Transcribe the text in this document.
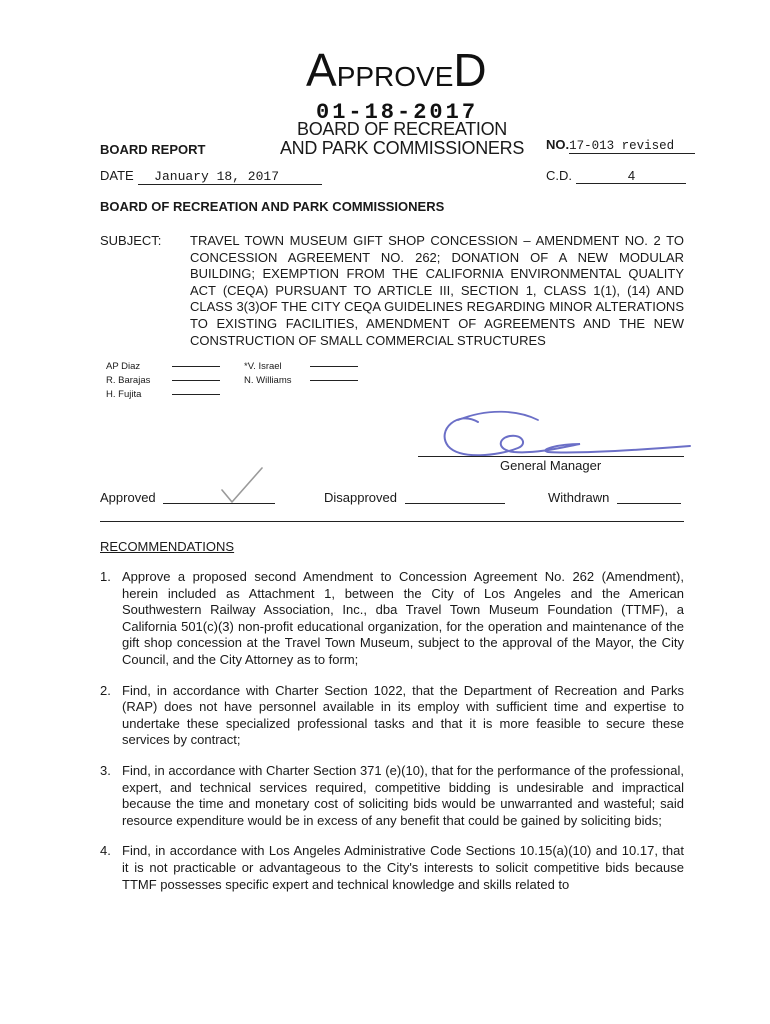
APPROVED
01-18-2017
BOARD REPORT
BOARD OF RECREATION
AND PARK COMMISSIONERS	NO.17-013 revised
DATE January 18, 2017	C.D.	4
BOARD OF RECREATION AND PARK COMMISSIONERS
SUBJECT: TRAVEL TOWN MUSEUM GIFT SHOP CONCESSION – AMENDMENT NO. 2 TO CONCESSION AGREEMENT NO. 262; DONATION OF A NEW MODULAR BUILDING; EXEMPTION FROM THE CALIFORNIA ENVIRONMENTAL QUALITY ACT (CEQA) PURSUANT TO ARTICLE III, SECTION 1, CLASS 1(1), (14) AND CLASS 3(3)OF THE CITY CEQA GUIDELINES REGARDING MINOR ALTERATIONS TO EXISTING FACILITIES, AMENDMENT OF AGREEMENTS AND THE NEW CONSTRUCTION OF SMALL COMMERCIAL STRUCTURES
AP Diaz
R. Barajas
H. Fujita
*V. Israel
N. Williams
General Manager
Approved	Disapproved	Withdrawn
RECOMMENDATIONS
1. Approve a proposed second Amendment to Concession Agreement No. 262 (Amendment), herein included as Attachment 1, between the City of Los Angeles and the American Southwestern Railway Association, Inc., dba Travel Town Museum Foundation (TTMF), a California 501(c)(3) non-profit educational organization, for the operation and maintenance of the gift shop concession at the Travel Town Museum, subject to the approval of the Mayor, the City Council, and the City Attorney as to form;
2. Find, in accordance with Charter Section 1022, that the Department of Recreation and Parks (RAP) does not have personnel available in its employ with sufficient time and expertise to undertake these specialized professional tasks and that it is more feasible to secure these services by contract;
3. Find, in accordance with Charter Section 371 (e)(10), that for the performance of the professional, expert, and technical services required, competitive bidding is undesirable and impractical because the time and monetary cost of soliciting bids would be unwarranted and wasteful; said resource expenditure would be in excess of any benefit that could be gained by soliciting bids;
4. Find, in accordance with Los Angeles Administrative Code Sections 10.15(a)(10) and 10.17, that it is not practicable or advantageous to the City's interests to solicit competitive bids because TTMF possesses specific expert and technical knowledge and skills related to
